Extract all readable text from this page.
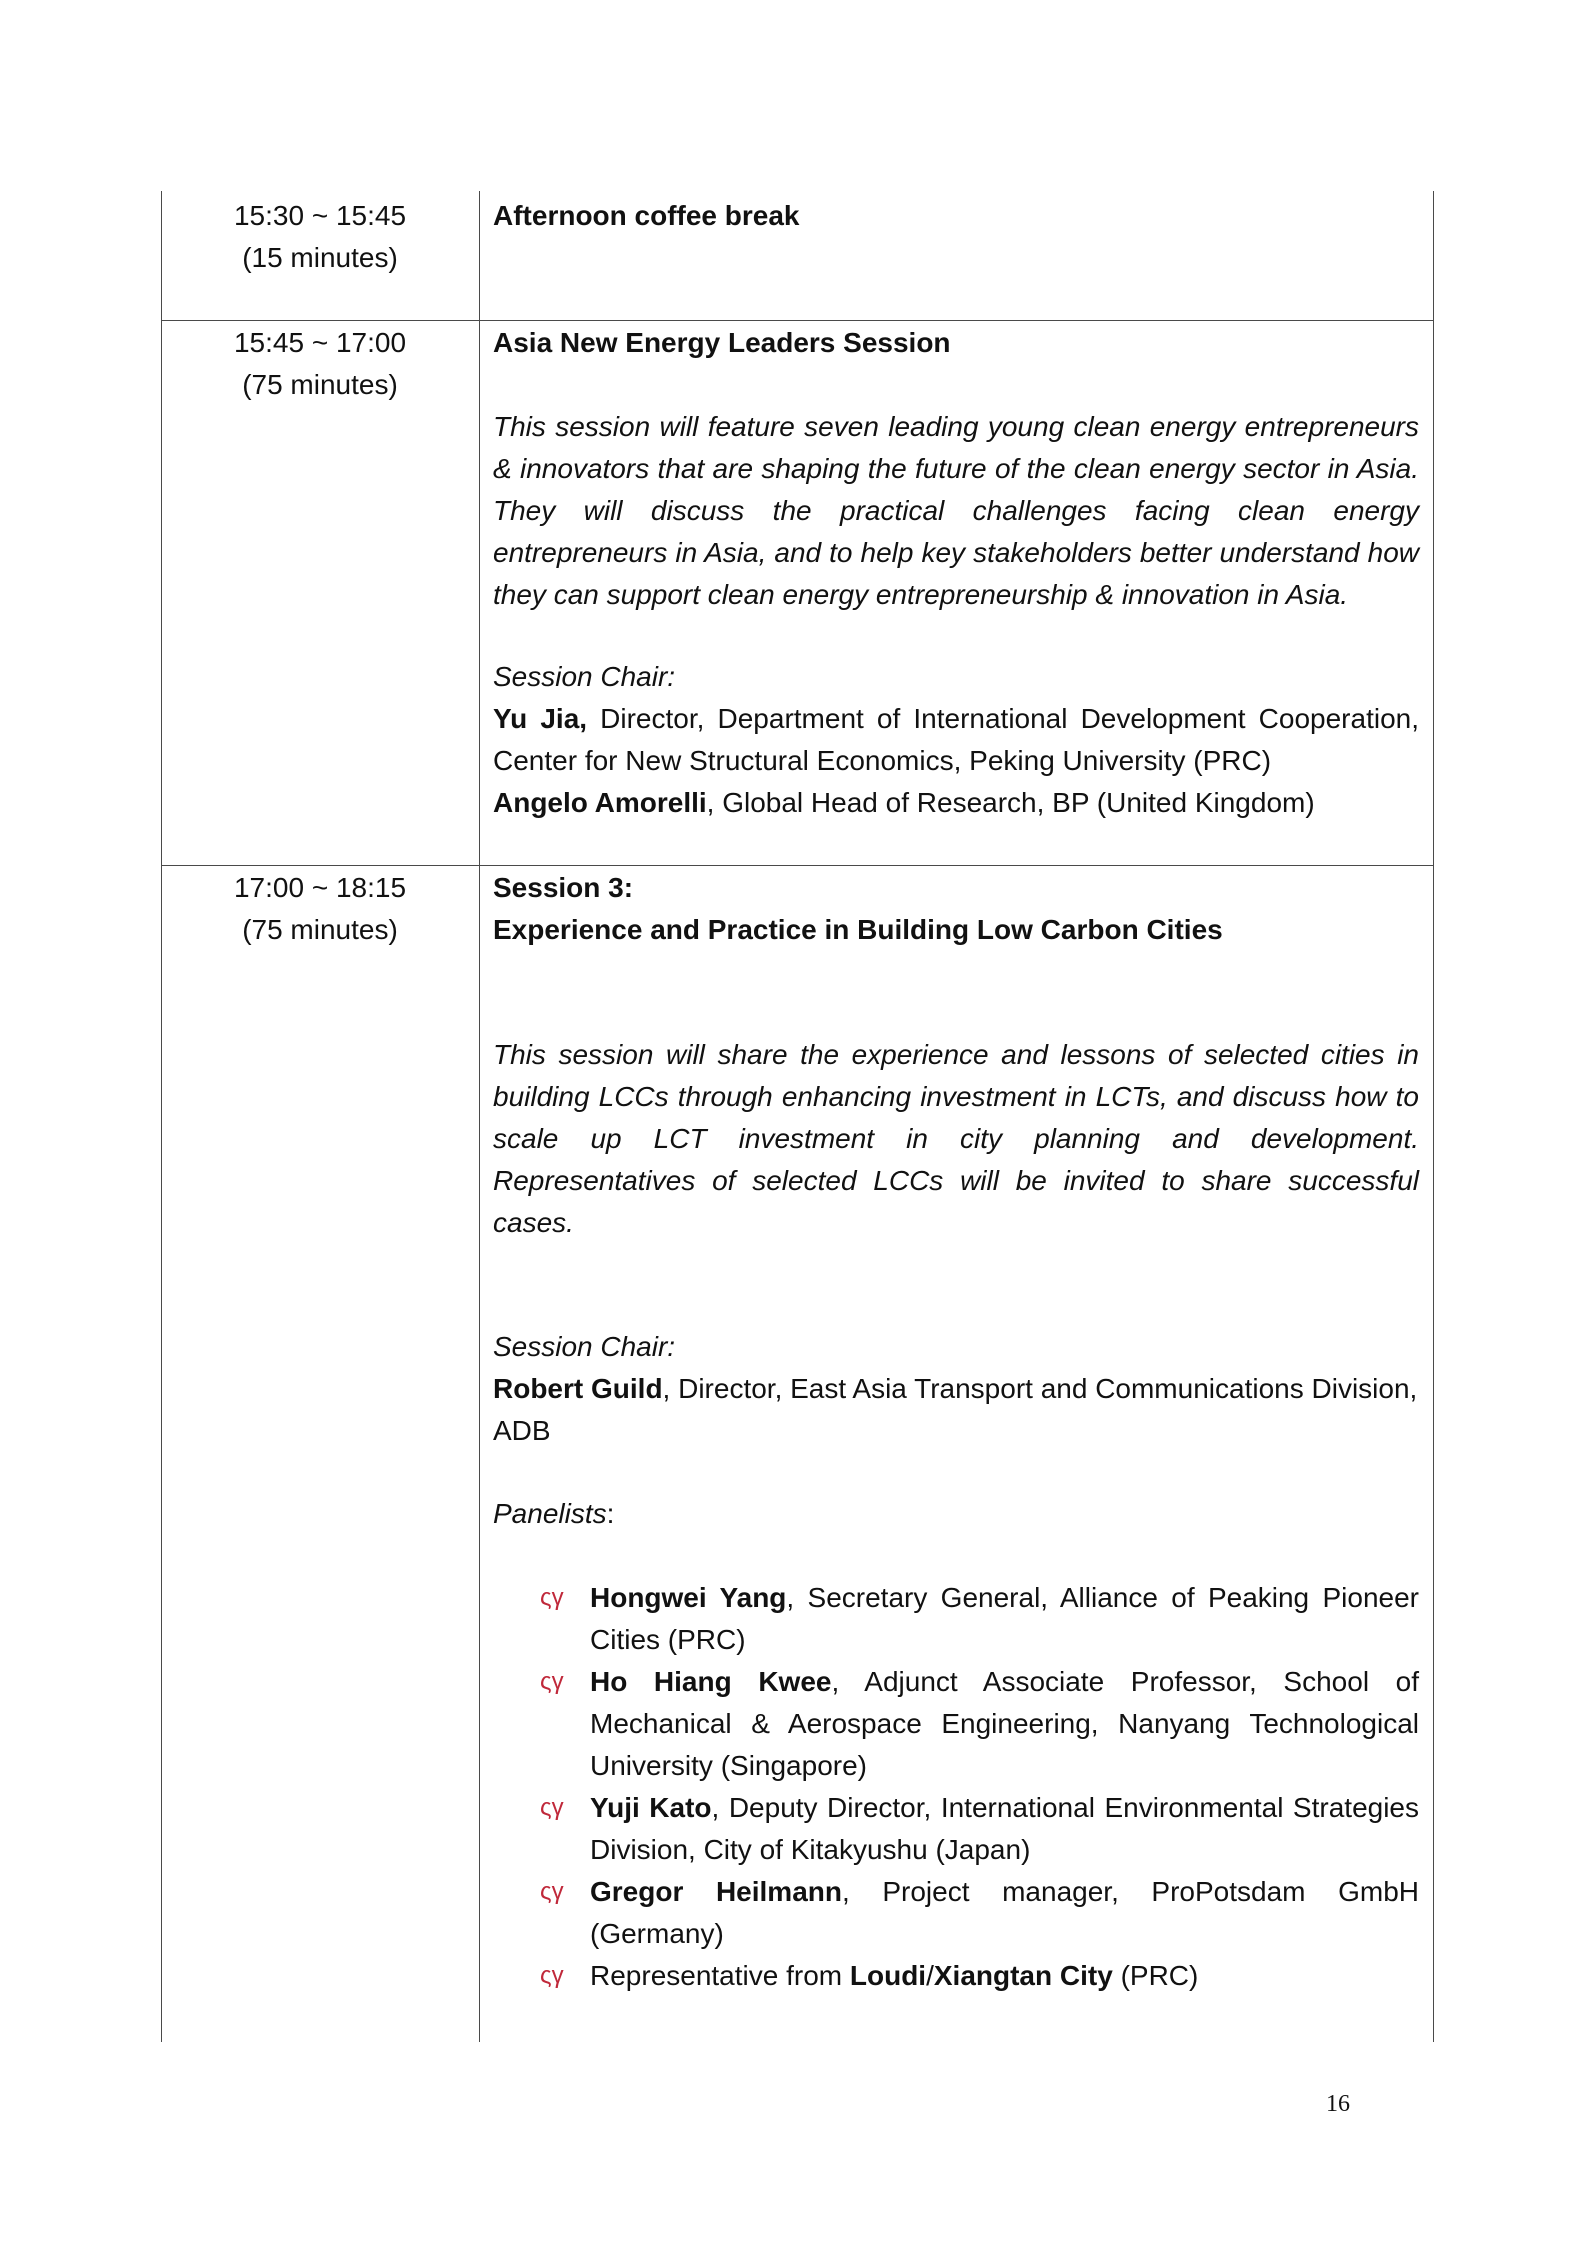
15:30 ~ 15:45
(15 minutes)
Afternoon coffee break
15:45 ~ 17:00
(75 minutes)
Asia New Energy Leaders Session
This session will feature seven leading young clean energy entrepreneurs & innovators that are shaping the future of the clean energy sector in Asia. They will discuss the practical challenges facing clean energy entrepreneurs in Asia, and to help key stakeholders better understand how they can support clean energy entrepreneurship & innovation in Asia.
Session Chair:
Yu Jia, Director, Department of International Development Cooperation, Center for New Structural Economics, Peking University (PRC)
Angelo Amorelli, Global Head of Research, BP (United Kingdom)
17:00 ~ 18:15
(75 minutes)
Session 3:
Experience and Practice in Building Low Carbon Cities
This session will share the experience and lessons of selected cities in building LCCs through enhancing investment in LCTs, and discuss how to scale up LCT investment in city planning and development. Representatives of selected LCCs will be invited to share successful cases.
Session Chair:
Robert Guild, Director, East Asia Transport and Communications Division, ADB
Panelists:
ςγ Hongwei Yang, Secretary General, Alliance of Peaking Pioneer Cities (PRC)
ςγ Ho Hiang Kwee, Adjunct Associate Professor, School of Mechanical & Aerospace Engineering, Nanyang Technological University (Singapore)
ςγ Yuji Kato, Deputy Director, International Environmental Strategies Division, City of Kitakyushu (Japan)
ςγ Gregor Heilmann, Project manager, ProPotsdam GmbH (Germany)
ςγ Representative from Loudi/Xiangtan City (PRC)
16
